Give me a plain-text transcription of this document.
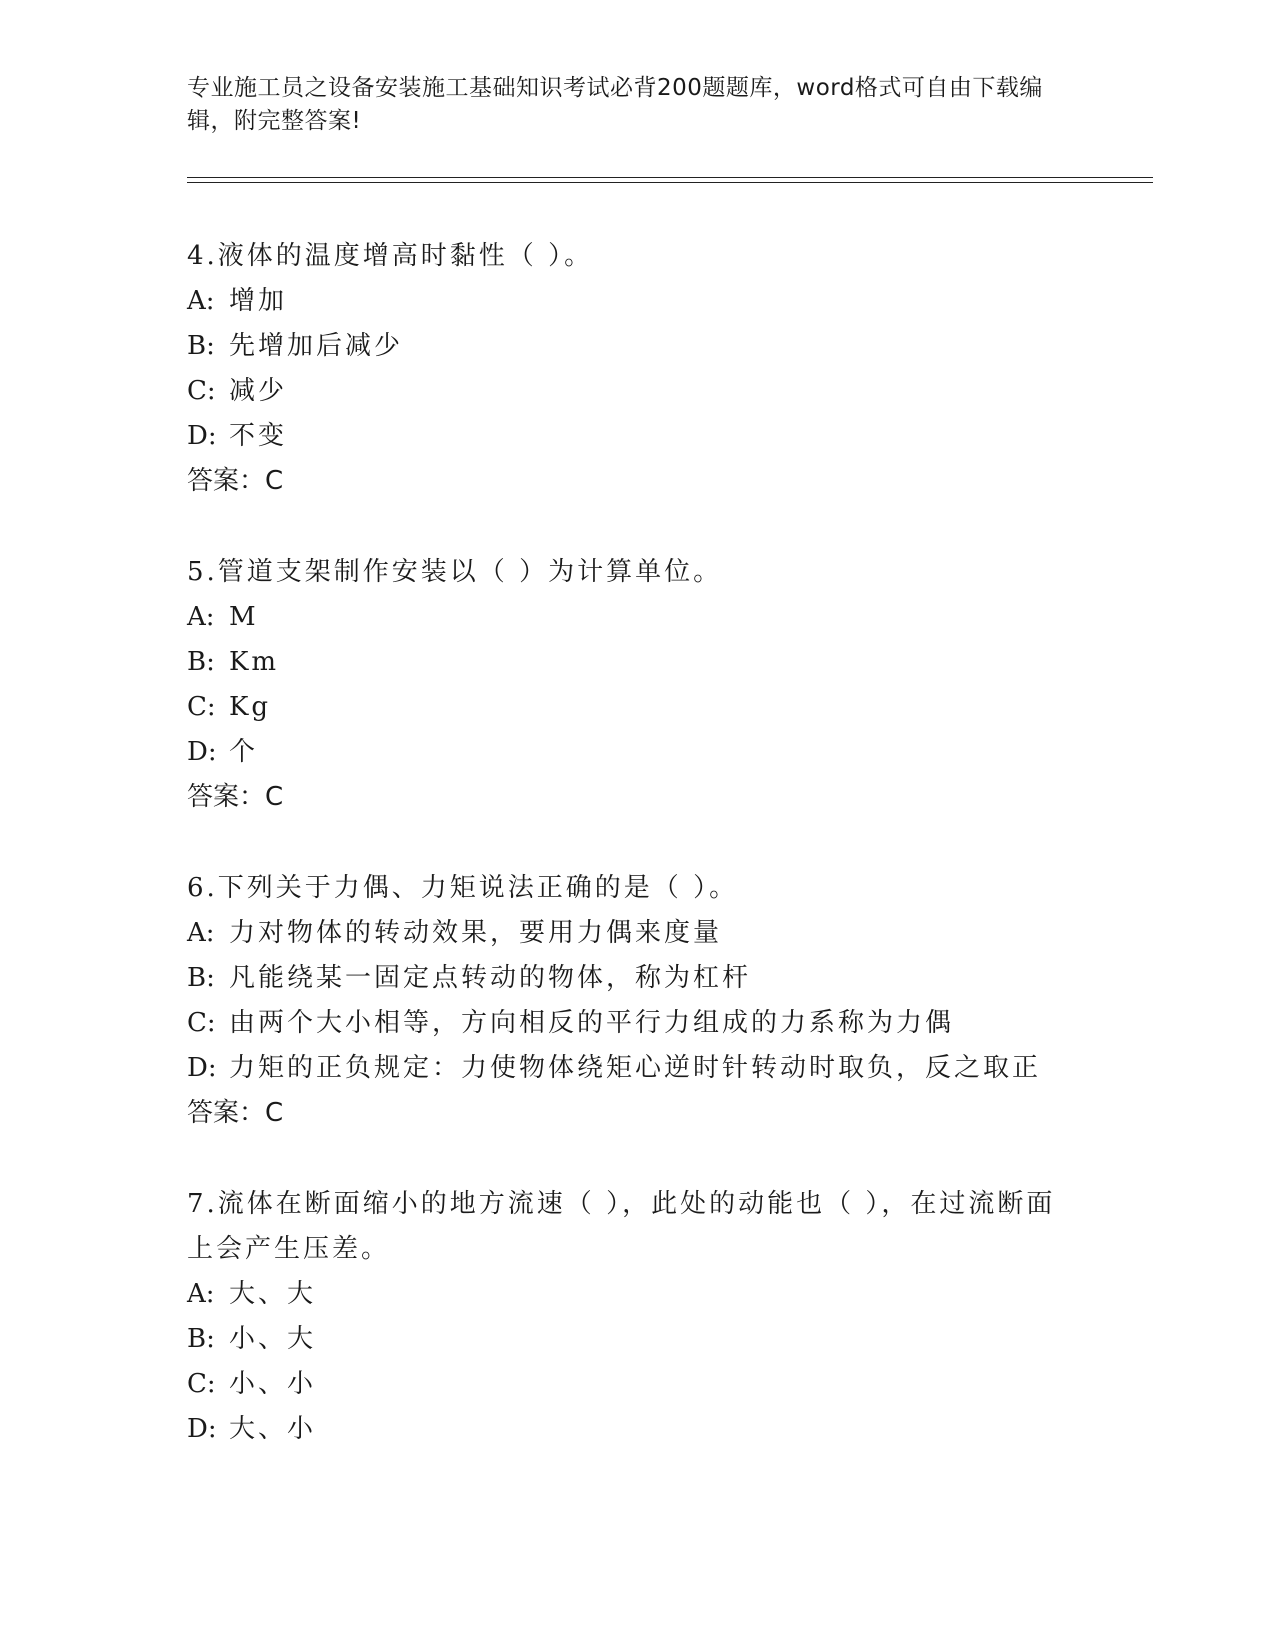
专业施工员之设备安装施工基础知识考试必背200题题库，word格式可自由下载编辑，附完整答案!

4.液体的温度增高时黏性（ ）。

A: 增加

B: 先增加后减少

C: 减少

D: 不变

答案：C

5.管道支架制作安装以（ ）为计算单位。

A: M

B: Km

C: Kg

D: 个

答案：C

6.下列关于力偶、力矩说法正确的是（ ）。

A: 力对物体的转动效果，要用力偶来度量

B: 凡能绕某一固定点转动的物体，称为杠杆

C: 由两个大小相等，方向相反的平行力组成的力系称为力偶

D: 力矩的正负规定：力使物体绕矩心逆时针转动时取负，反之取正

答案：C

7.流体在断面缩小的地方流速（ ），此处的动能也（ ），在过流断面上会产生压差。

A: 大、大

B: 小、大

C: 小、小

D: 大、小
